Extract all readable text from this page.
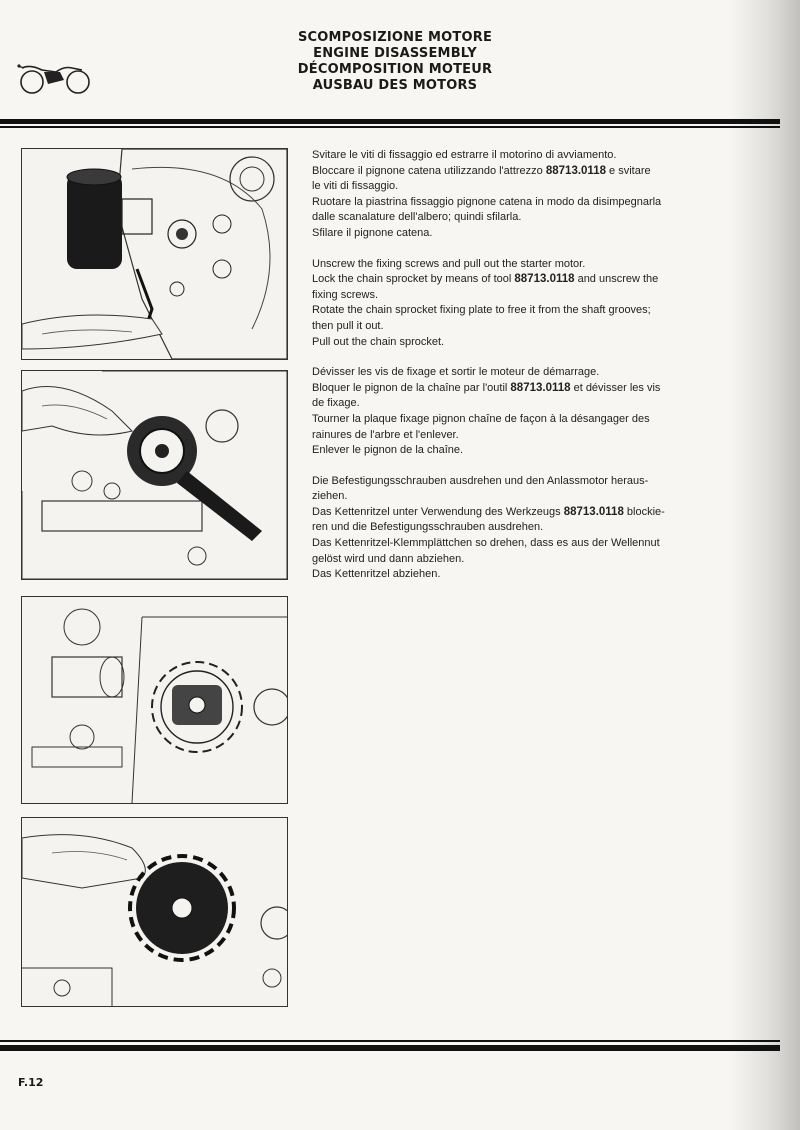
SCOMPOSIZIONE MOTORE
ENGINE DISASSEMBLY
DÉCOMPOSITION MOTEUR
AUSBAU DES MOTORS
Svitare le viti di fissaggio ed estrarre il motorino di avviamento.
Bloccare il pignone catena utilizzando l'attrezzo 88713.0118 e svitare
le viti di fissaggio.
Ruotare la piastrina fissaggio pignone catena in modo da disimpegnarla
dalle scanalature dell'albero; quindi sfilarla.
Sfilare il pignone catena.
Unscrew the fixing screws and pull out the starter motor.
Lock the chain sprocket by means of tool 88713.0118 and unscrew the
fixing screws.
Rotate the chain sprocket fixing plate to free it from the shaft grooves;
then pull it out.
Pull out the chain sprocket.
Dévisser les vis de fixage et sortir le moteur de démarrage.
Bloquer le pignon de la chaîne par l'outil 88713.0118 et dévisser les vis
de fixage.
Tourner la plaque fixage pignon chaîne de façon à la désangager des
rainures de l'arbre et l'enlever.
Enlever le pignon de la chaîne.
Die Befestigungsschrauben ausdrehen und den Anlassmotor heraus-
ziehen.
Das Kettenritzel unter Verwendung des Werkzeugs 88713.0118 blockie-
ren und die Befestigungsschrauben ausdrehen.
Das Kettenritzel-Klemmplättchen so drehen, dass es aus der Wellennut
gelöst wird und dann abziehen.
Das Kettenritzel abziehen.
F.12
